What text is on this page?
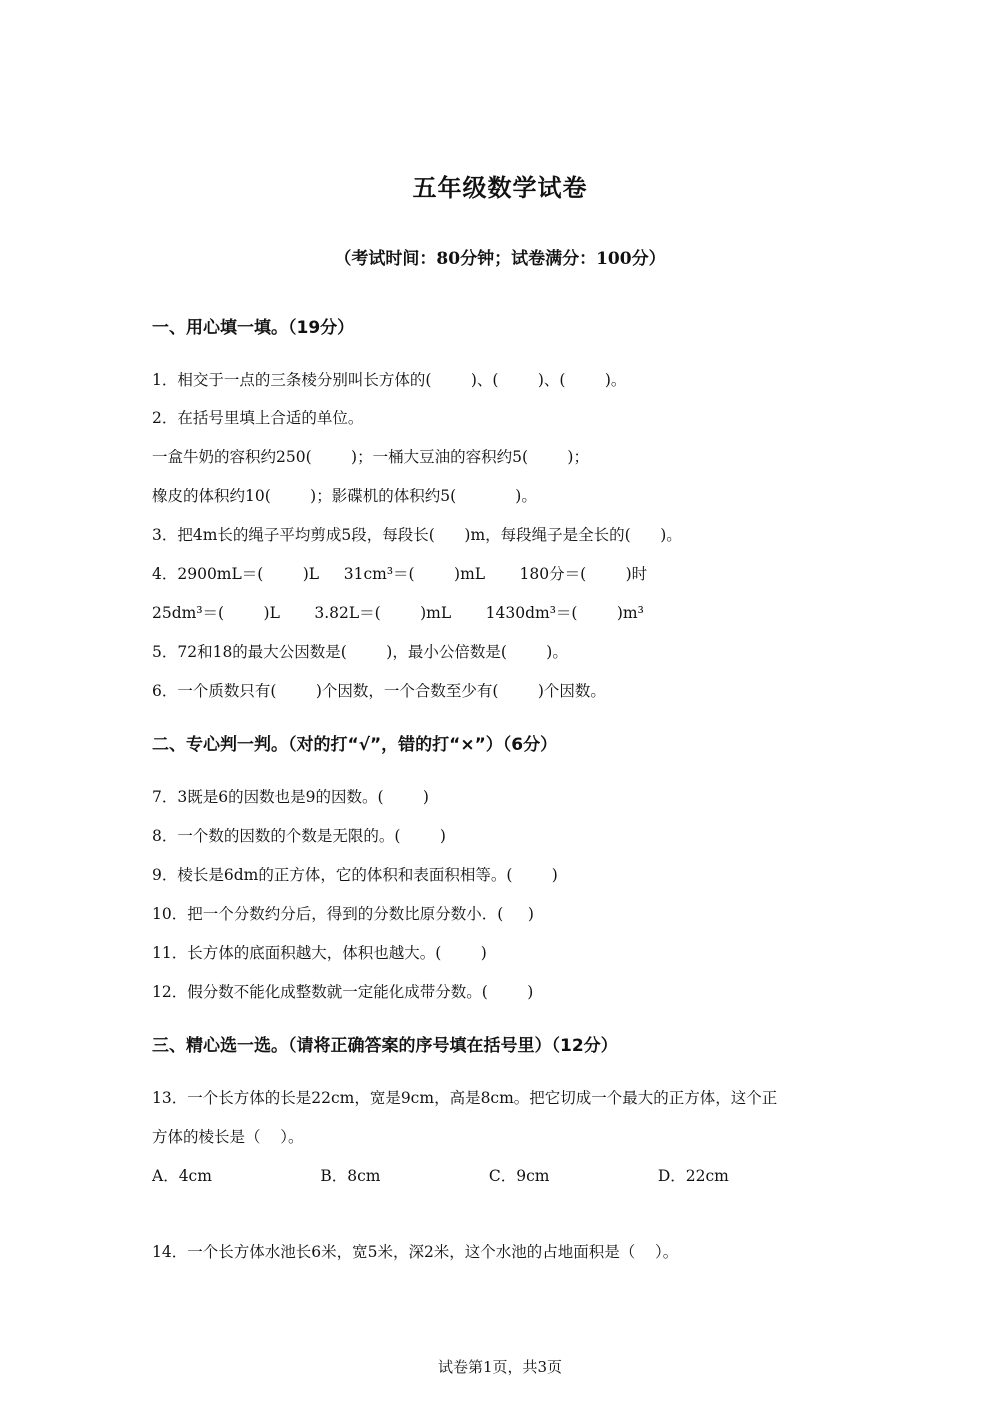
五年级数学试卷
（考试时间：80分钟；试卷满分：100分）
一、用心填一填。（19分）
1．相交于一点的三条棱分别叫长方体的(        )、(        )、(        )。
2．在括号里填上合适的单位。
一盒牛奶的容积约250(        )；一桶大豆油的容积约5(        )；
橡皮的体积约10(        )；影碟机的体积约5(            )。
3．把4m长的绳子平均剪成5段，每段长(      )m，每段绳子是全长的(      )。
4．2900mL＝(        )L     31cm³＝(        )mL       180分＝(        )时
25dm³＝(        )L       3.82L＝(        )mL       1430dm³＝(        )m³
5．72和18的最大公因数是(        )，最小公倍数是(        )。
6．一个质数只有(        )个因数，一个合数至少有(        )个因数。
二、专心判一判。（对的打“√”，错的打“×”）（6分）
7．3既是6的因数也是9的因数。(        )
8．一个数的因数的个数是无限的。(        )
9．棱长是6dm的正方体，它的体积和表面积相等。(        )
10．把一个分数约分后，得到的分数比原分数小．(     )
11．长方体的底面积越大，体积也越大。(        )
12．假分数不能化成整数就一定能化成带分数。(        )
三、精心选一选。（请将正确答案的序号填在括号里）（12分）
13．一个长方体的长是22cm，宽是9cm，高是8cm。把它切成一个最大的正方体，这个正
方体的棱长是（    ）。
A．4cm                      B．8cm                      C．9cm                      D．22cm
14．一个长方体水池长6米，宽5米，深2米，这个水池的占地面积是（    ）。
试卷第1页，共3页
